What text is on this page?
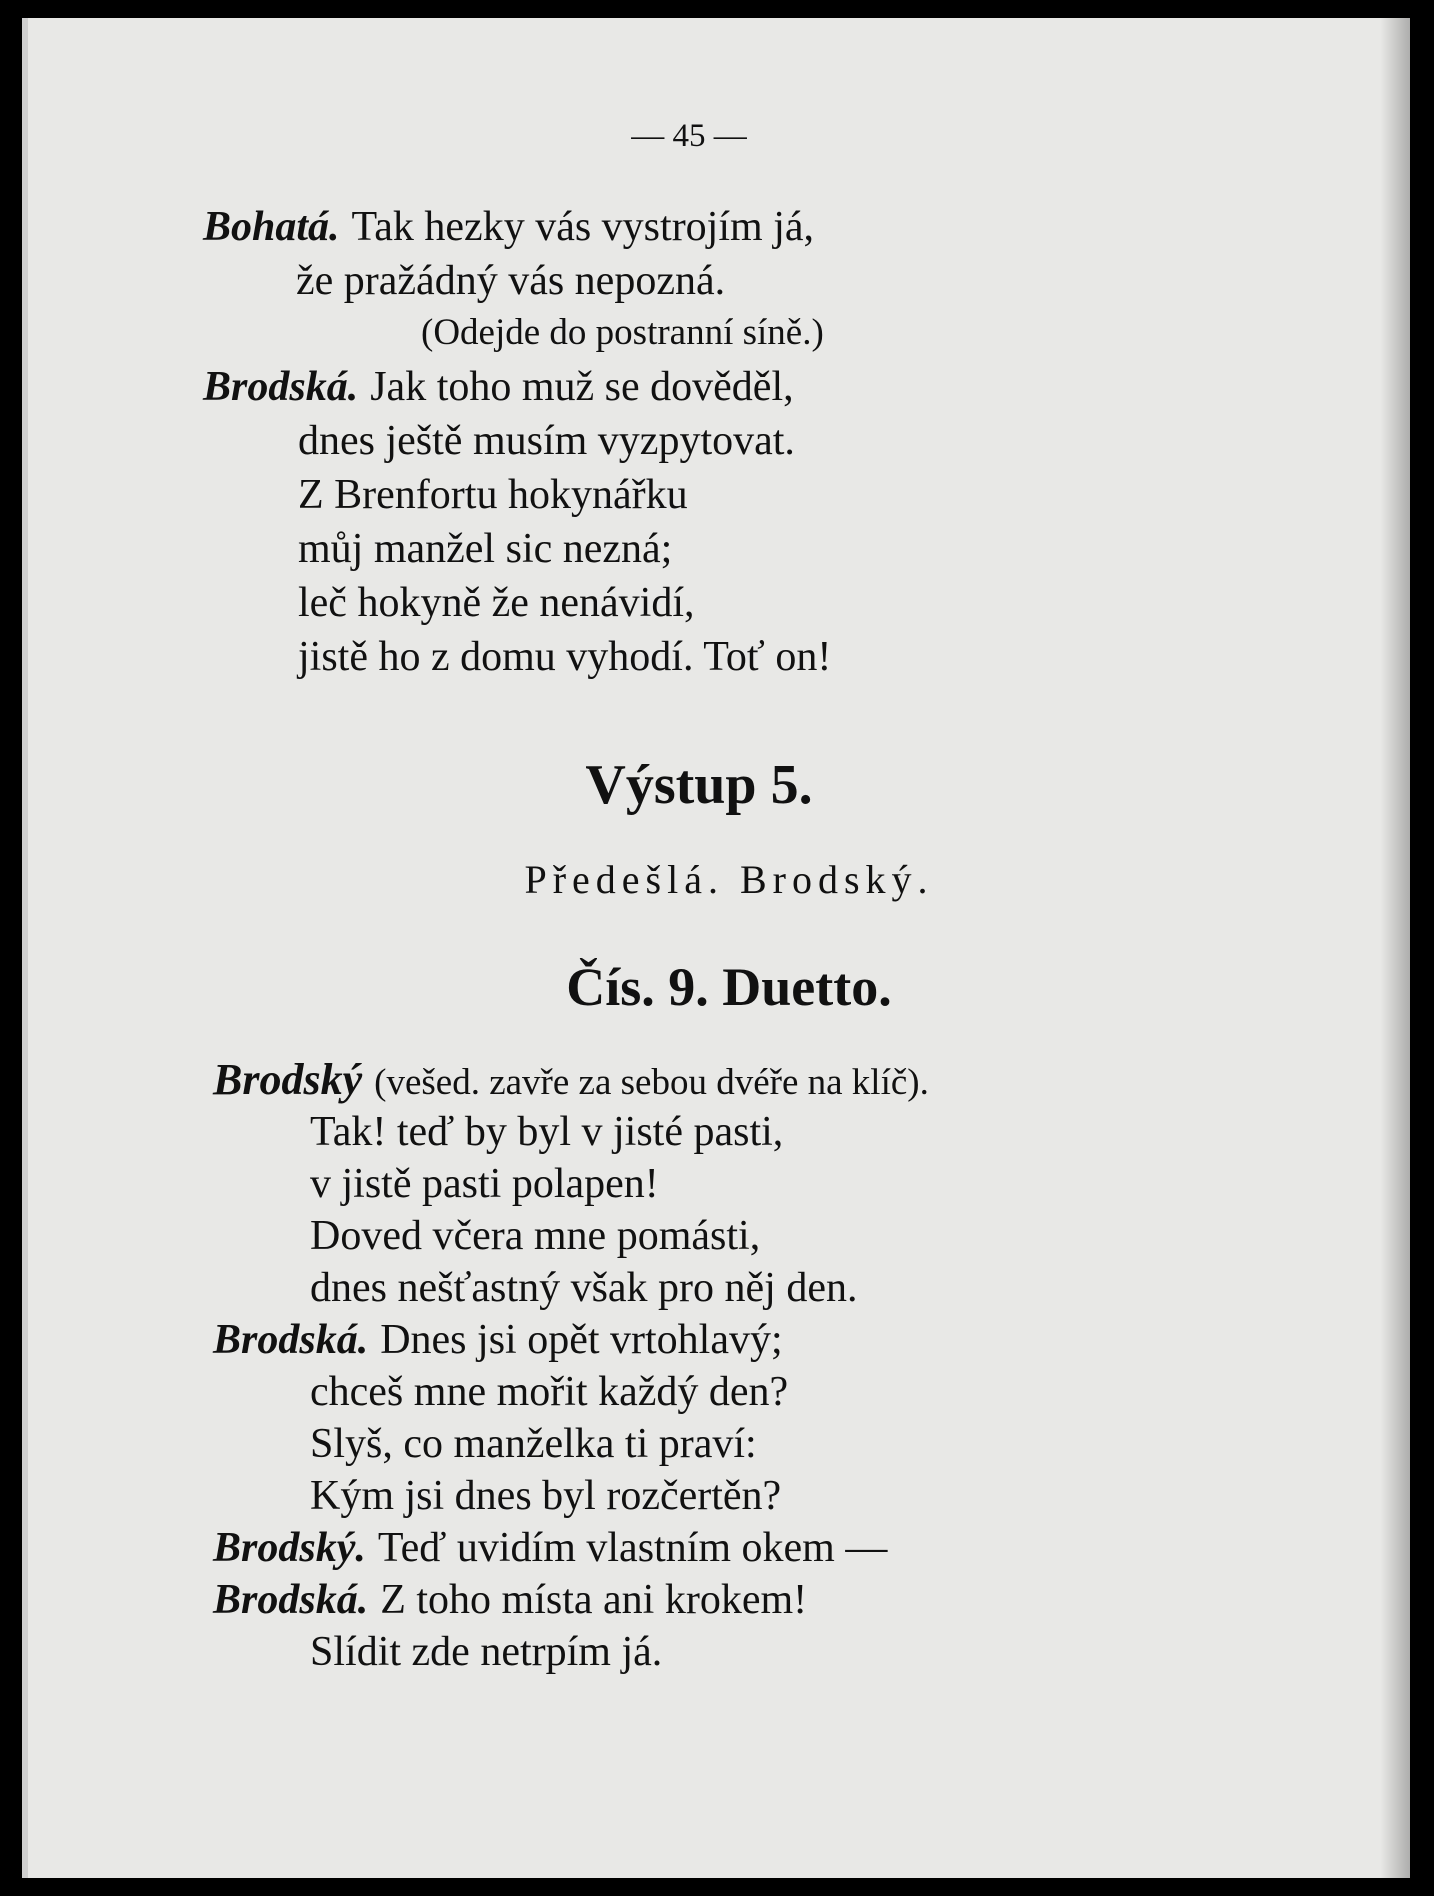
— 45 —
Bohatá. Tak hezky vás vystrojím já,
že pražádný vás nepozná.
(Odejde do postranní síně.)
Brodská. Jak toho muž se dověděl,
dnes ještě musím vyzpytovat.
Z Brenfortu hokynářku
můj manžel sic nezná;
leč hokyně že nenávidí,
jistě ho z domu vyhodí. Toť on!
Výstup 5.
Předešlá. Brodský.
Čís. 9. Duetto.
Brodský (vešed. zavře za sebou dvéře na klíč).
Tak! teď by byl v jisté pasti,
v jistě pasti polapen!
Doved včera mne pomásti,
dnes nešťastný však pro něj den.
Brodská. Dnes jsi opět vrtohlavý;
chceš mne mořit každý den?
Slyš, co manželka ti praví:
Kým jsi dnes byl rozčertěn?
Brodský. Teď uvidím vlastním okem —
Brodská. Z toho místa ani krokem!
Slídit zde netrpím já.
